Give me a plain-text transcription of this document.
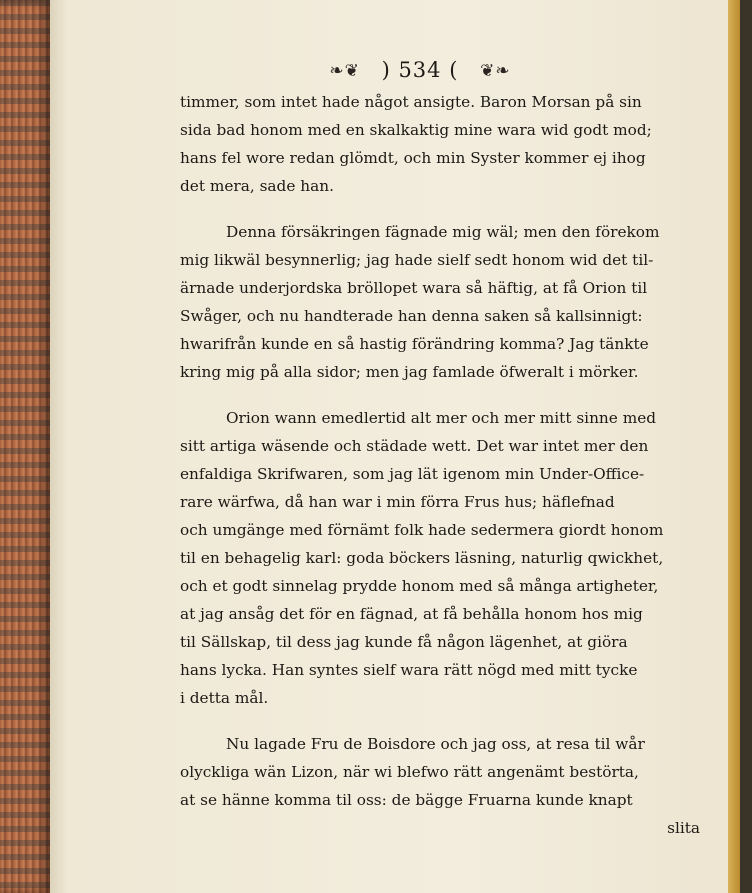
❧❦ ) 534 ( ❦❧
timmer, som intet hade något ansigte. Baron Morsan på sin
sida bad honom med en skalkaktig mine wara wid godt mod;
hans fel wore redan glömdt, och min Syster kommer ej ihog
det mera, sade han.
Denna försäkringen fägnade mig wäl; men den förekom
mig likwäl besynnerlig; jag hade sielf sedt honom wid det til-
ärnade underjordska bröllopet wara så häftig, at få Orion til
Swåger, och nu handterade han denna saken så kallsinnigt:
hwarifrån kunde en så hastig förändring komma? Jag tänkte
kring mig på alla sidor; men jag famlade öfweralt i mörker.
Orion wann emedlertid alt mer och mer mitt sinne med
sitt artiga wäsende och städade wett. Det war intet mer den
enfaldiga Skrifwaren, som jag lät igenom min Under-Office-
rare wärfwa, då han war i min förra Frus hus; häflefnad
och umgänge med förnämt folk hade sedermera giordt honom
til en behagelig karl: goda böckers läsning, naturlig qwickhet,
och et godt sinnelag prydde honom med så många artigheter,
at jag ansåg det för en fägnad, at få behålla honom hos mig
til Sällskap, til dess jag kunde få någon lägenhet, at giöra
hans lycka. Han syntes sielf wara rätt nögd med mitt tycke
i detta mål.
Nu lagade Fru de Boisdore och jag oss, at resa til wår
olyckliga wän Lizon, när wi blefwo rätt angenämt bestörta,
at se hänne komma til oss: de bägge Fruarna kunde knapt
slita
